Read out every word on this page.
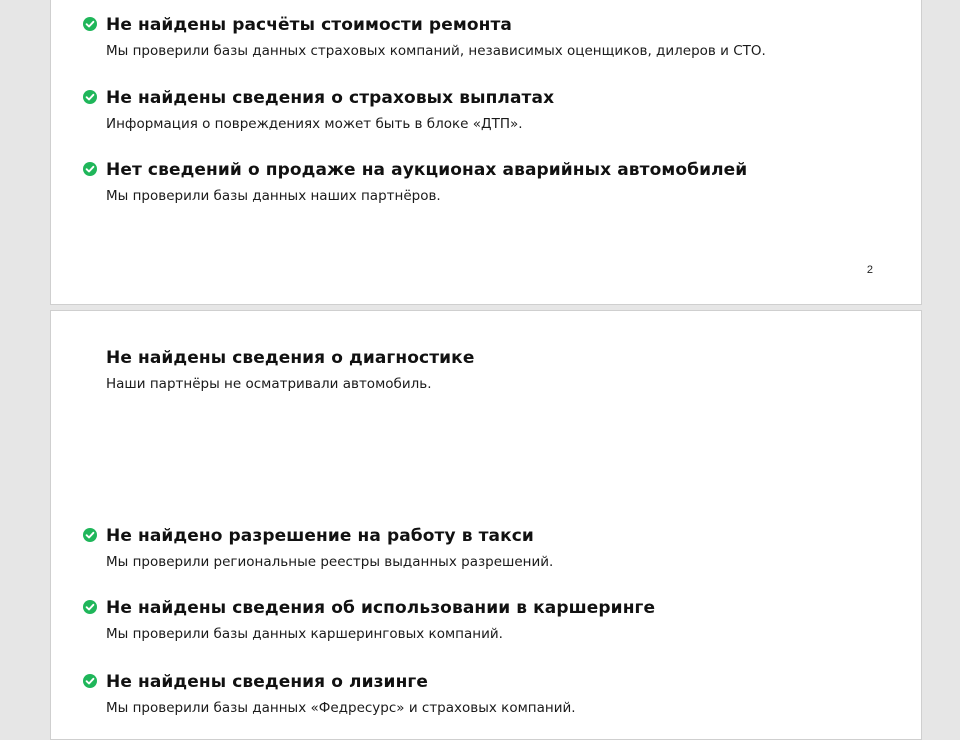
Не найдены расчёты стоимости ремонта
Мы проверили базы данных страховых компаний, независимых оценщиков, дилеров и СТО.
Не найдены сведения о страховых выплатах
Информация о повреждениях может быть в блоке «ДТП».
Нет сведений о продаже на аукционах аварийных автомобилей
Мы проверили базы данных наших партнёров.
2
Не найдены сведения о диагностике
Наши партнёры не осматривали автомобиль.
Не найдено разрешение на работу в такси
Мы проверили региональные реестры выданных разрешений.
Не найдены сведения об использовании в каршеринге
Мы проверили базы данных каршеринговых компаний.
Не найдены сведения о лизинге
Мы проверили базы данных «Федресурс» и страховых компаний.
